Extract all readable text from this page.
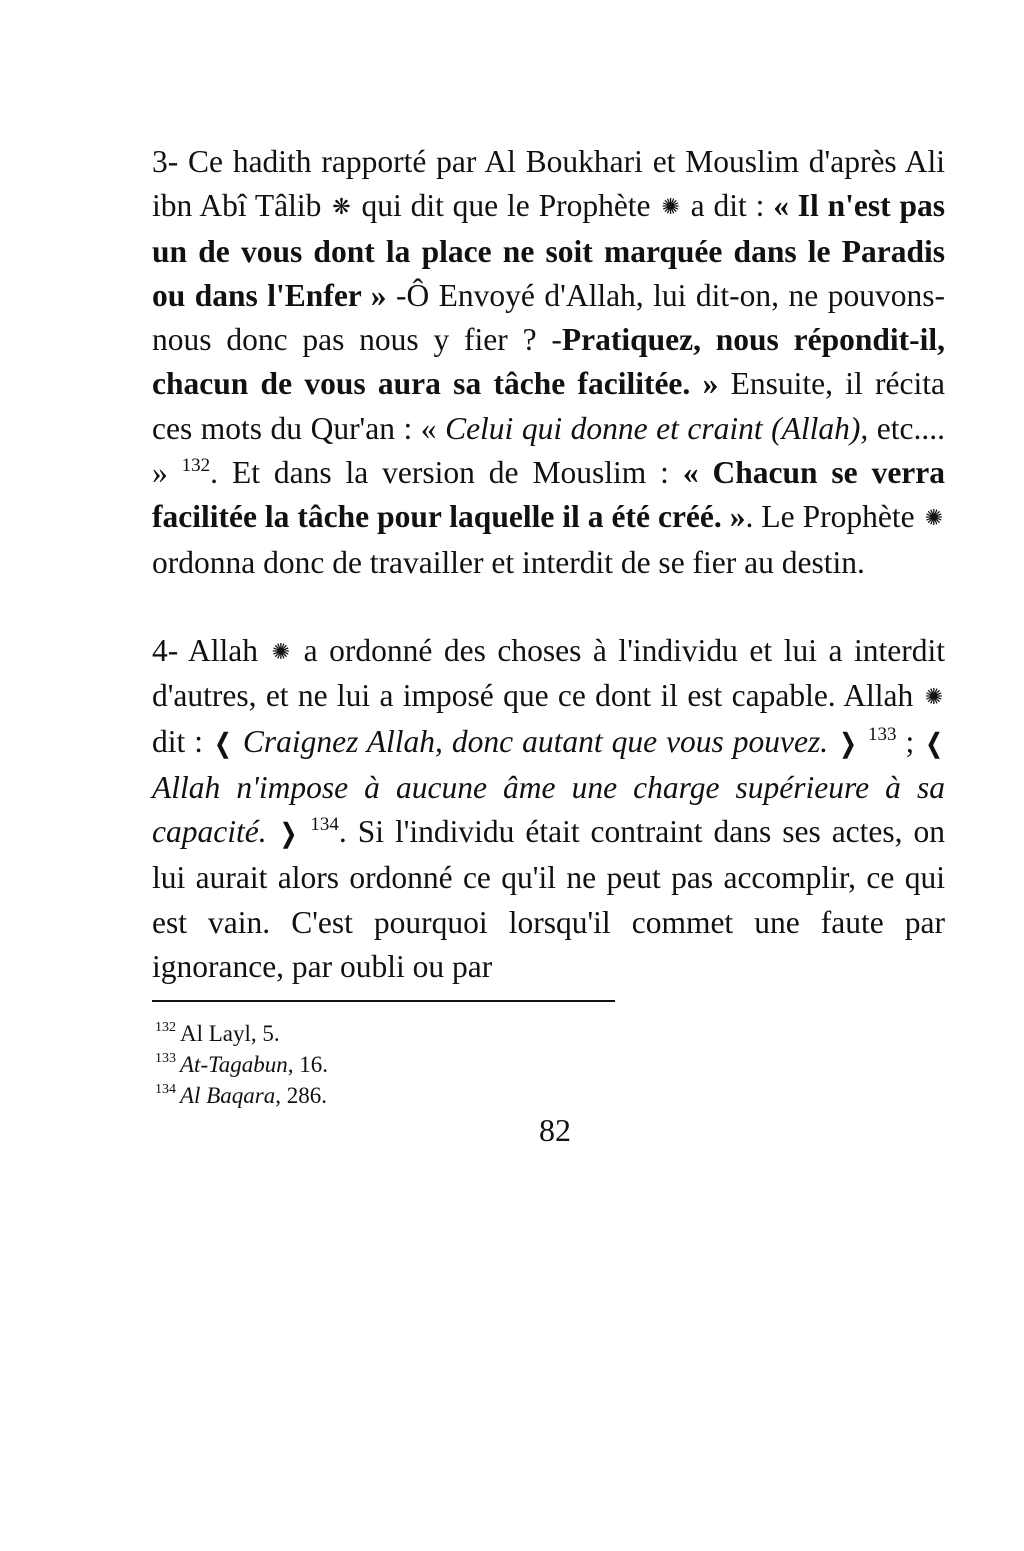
3- Ce hadith rapporté par Al Boukhari et Mouslim d'après Ali ibn Abî Tâlib ❋ qui dit que le Prophète ✺ a dit : « Il n'est pas un de vous dont la place ne soit marquée dans le Paradis ou dans l'Enfer » -Ô Envoyé d'Allah, lui dit-on, ne pouvons-nous donc pas nous y fier ? -Pratiquez, nous répondit-il, chacun de vous aura sa tâche facilitée. » Ensuite, il récita ces mots du Qur'an : « Celui qui donne et craint (Allah), etc.... » $^{132}$. Et dans la version de Mouslim : « Chacun se verra facilitée la tâche pour laquelle il a été créé. ». Le Prophète ✺ ordonna donc de travailler et interdit de se fier au destin.

4- Allah ✺ a ordonné des choses à l'individu et lui a interdit d'autres, et ne lui a imposé que ce dont il est capable. Allah ✺ dit : ❬ Craignez Allah, donc autant que vous pouvez. ❭ $^{133}$ ; ❬ Allah n'impose à aucune âme une charge supérieure à sa capacité. ❭ $^{134}$. Si l'individu était contraint dans ses actes, on lui aurait alors ordonné ce qu'il ne peut pas accomplir, ce qui est vain. C'est pourquoi lorsqu'il commet une faute par ignorance, par oubli ou par

$^{132}$ Al Layl, 5.
$^{133}$ At-Tagabun, 16.
$^{134}$ Al Baqara, 286.
82
